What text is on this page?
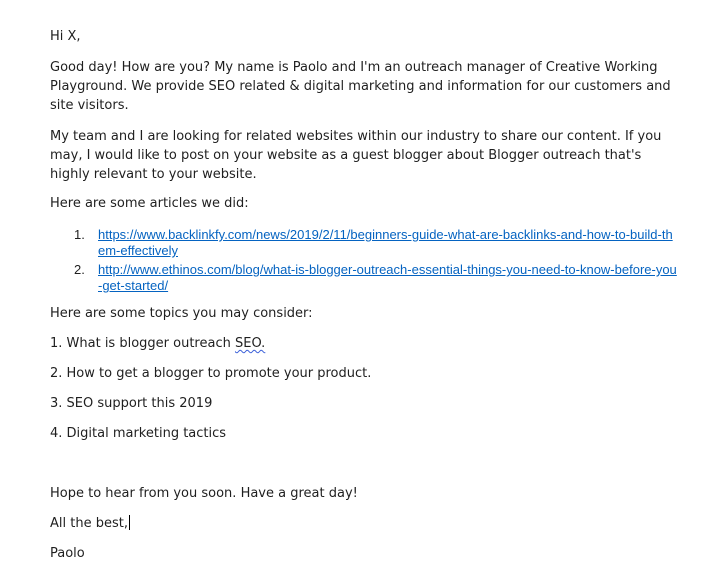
Hi X,

Good day! How are you? My name is Paolo and I'm an outreach manager of Creative Working Playground. We provide SEO related & digital marketing and information for our customers and site visitors.

My team and I are looking for related websites within our industry to share our content. If you may, I would like to post on your website as a guest blogger about Blogger outreach that's highly relevant to your website.

Here are some articles we did:

1. https://www.backlinkfy.com/news/2019/2/11/beginners-guide-what-are-backlinks-and-how-to-build-them-effectively
2. http://www.ethinos.com/blog/what-is-blogger-outreach-essential-things-you-need-to-know-before-you-get-started/

Here are some topics you may consider:

1. What is blogger outreach SEO.

2. How to get a blogger to promote your product.

3. SEO support this 2019

4. Digital marketing tactics

Hope to hear from you soon. Have a great day!

All the best,

Paolo
